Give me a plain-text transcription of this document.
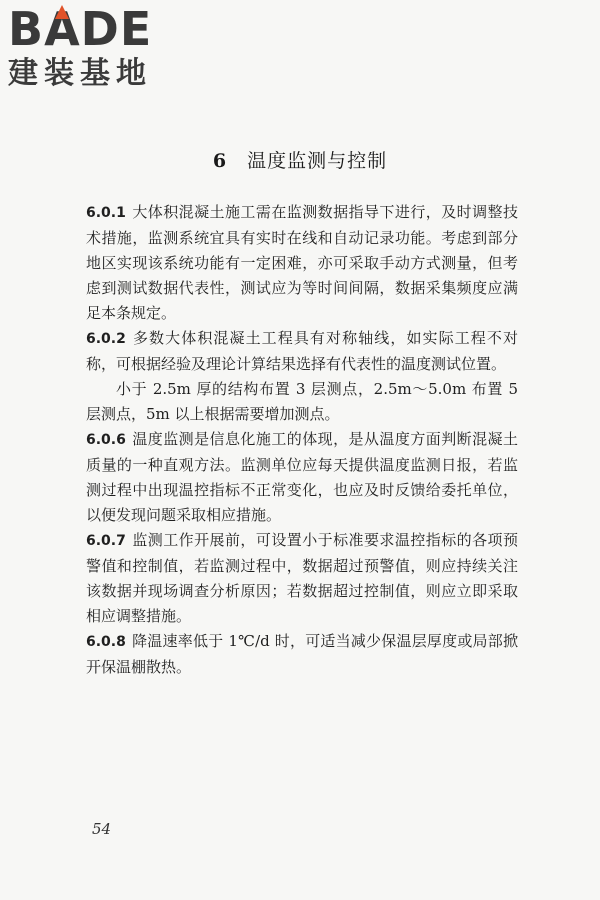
BA
DE
建装基地
6 温度监测与控制

6.0.1 大体积混凝土施工需在监测数据指导下进行，及时调整技术措施，监测系统宜具有实时在线和自动记录功能。考虑到部分地区实现该系统功能有一定困难，亦可采取手动方式测量，但考虑到测试数据代表性，测试应为等时间间隔，数据采集频度应满足本条规定。

6.0.2 多数大体积混凝土工程具有对称轴线，如实际工程不对称，可根据经验及理论计算结果选择有代表性的温度测试位置。

小于 2.5m 厚的结构布置 3 层测点，2.5m～5.0m 布置 5 层测点，5m 以上根据需要增加测点。

6.0.6 温度监测是信息化施工的体现，是从温度方面判断混凝土质量的一种直观方法。监测单位应每天提供温度监测日报，若监测过程中出现温控指标不正常变化，也应及时反馈给委托单位，以便发现问题采取相应措施。

6.0.7 监测工作开展前，可设置小于标准要求温控指标的各项预警值和控制值，若监测过程中，数据超过预警值，则应持续关注该数据并现场调查分析原因；若数据超过控制值，则应立即采取相应调整措施。

6.0.8 降温速率低于 1℃/d 时，可适当减少保温层厚度或局部掀开保温棚散热。

54
